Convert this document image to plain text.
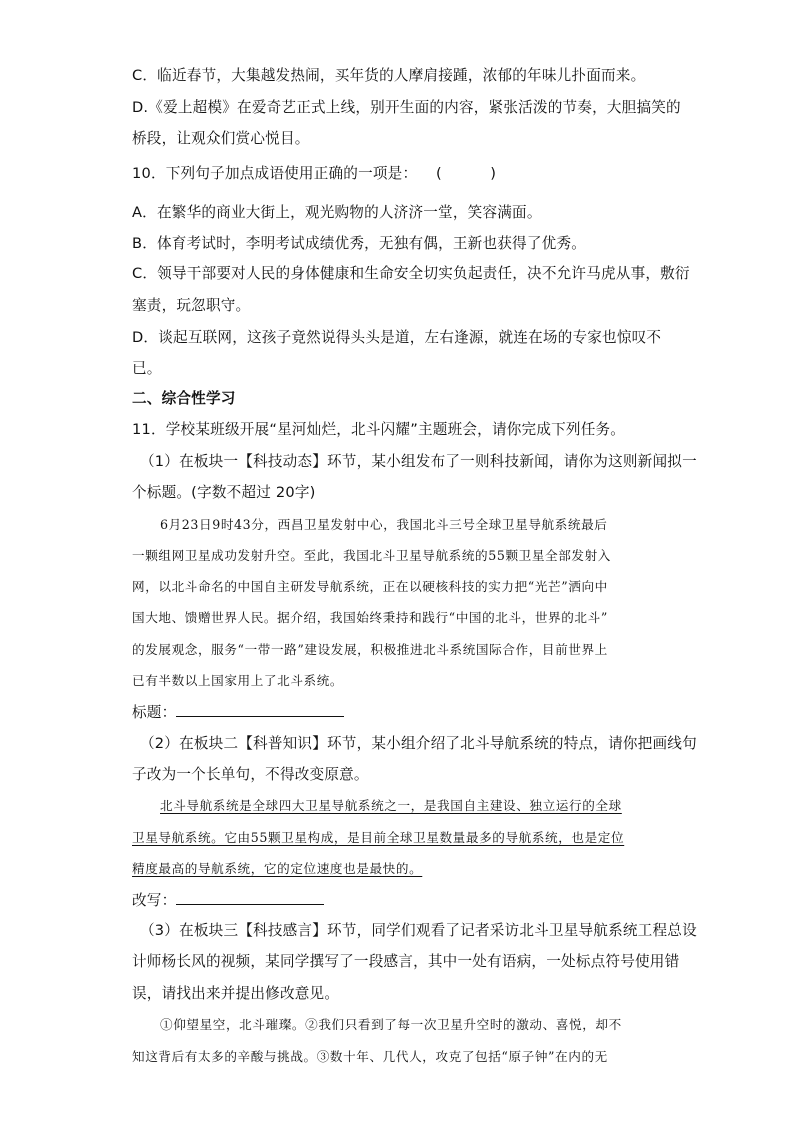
C．临近春节，大集越发热闹，买年货的人摩肩接踵，浓郁的年味儿扑面而来。
D.《爱上超模》在爱奇艺正式上线，别开生面的内容，紧张活泼的节奏，大胆搞笑的
桥段，让观众们赏心悦目。
10．下列句子加点成语使用正确的一项是： (          )
A．在繁华的商业大街上，观光购物的人济济一堂，笑容满面。
B．体育考试时，李明考试成绩优秀，无独有偶，王新也获得了优秀。
C．领导干部要对人民的身体健康和生命安全切实负起责任，决不允许马虎从事，敷衍
塞责，玩忽职守。
D．谈起互联网，这孩子竟然说得头头是道，左右逢源，就连在场的专家也惊叹不
已。
二、综合性学习
11．学校某班级开展“星河灿烂，北斗闪耀”主题班会，请你完成下列任务。
（1）在板块一【科技动态】环节，某小组发布了一则科技新闻，请你为这则新闻拟一
个标题。(字数不超过 20字)
6月23日9时43分，西昌卫星发射中心，我国北斗三号全球卫星导航系统最后
一颗组网卫星成功发射升空。至此，我国北斗卫星导航系统的55颗卫星全部发射入
网，以北斗命名的中国自主研发导航系统，正在以硬核科技的实力把“光芒”洒向中
国大地、馈赠世界人民。据介绍，我国始终秉持和践行“中国的北斗，世界的北斗”
的发展观念，服务“一带一路”建设发展，积极推进北斗系统国际合作，目前世界上
已有半数以上国家用上了北斗系统。
标题：
（2）在板块二【科普知识】环节，某小组介绍了北斗导航系统的特点，请你把画线句
子改为一个长单句，不得改变原意。
北斗导航系统是全球四大卫星导航系统之一，是我国自主建设、独立运行的全球
卫星导航系统。它由55颗卫星构成，是目前全球卫星数量最多的导航系统，也是定位
精度最高的导航系统，它的定位速度也是最快的。
改写：
（3）在板块三【科技感言】环节，同学们观看了记者采访北斗卫星导航系统工程总设
计师杨长风的视频，某同学撰写了一段感言，其中一处有语病，一处标点符号使用错
误，请找出来并提出修改意见。
①仰望星空，北斗璀璨。②我们只看到了每一次卫星升空时的激动、喜悦，却不
知这背后有太多的辛酸与挑战。③数十年、几代人，攻克了包括“原子钟”在内的无
